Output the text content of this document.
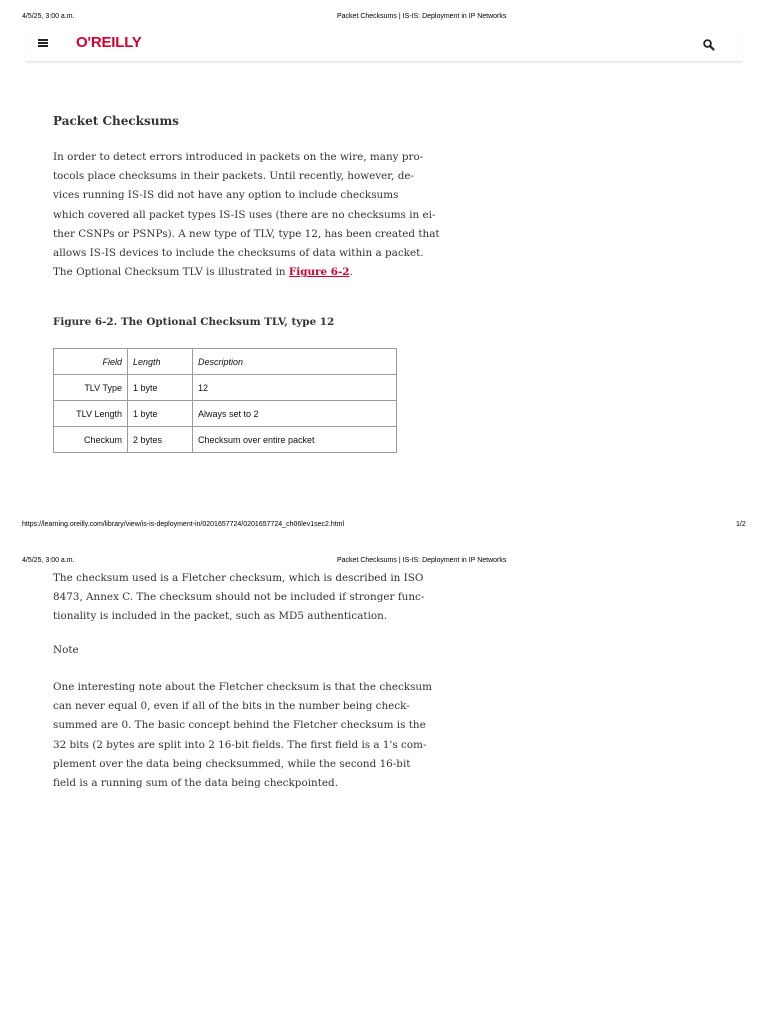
4/5/25, 3:00 a.m.	Packet Checksums | IS-IS: Deployment in IP Networks
O'REILLY
Packet Checksums
In order to detect errors introduced in packets on the wire, many pro-
tocols place checksums in their packets. Until recently, however, de-
vices running IS-IS did not have any option to include checksums
which covered all packet types IS-IS uses (there are no checksums in ei-
ther CSNPs or PSNPs). A new type of TLV, type 12, has been created that
allows IS-IS devices to include the checksums of data within a packet.
The Optional Checksum TLV is illustrated in Figure 6-2.
Figure 6-2. The Optional Checksum TLV, type 12
Field	Length	Description
TLV Type	1 byte	12
TLV Length	1 byte	Always set to 2
Checkum	2 bytes	Checksum over entire packet
https://learning.oreilly.com/library/view/is-is-deployment-in/0201657724/0201657724_ch06lev1sec2.html	1/2
4/5/25, 3:00 a.m.	Packet Checksums | IS-IS: Deployment in IP Networks
The checksum used is a Fletcher checksum, which is described in ISO
8473, Annex C. The checksum should not be included if stronger func-
tionality is included in the packet, such as MD5 authentication.
Note
One interesting note about the Fletcher checksum is that the checksum
can never equal 0, even if all of the bits in the number being check-
summed are 0. The basic concept behind the Fletcher checksum is the
32 bits (2 bytes are split into 2 16-bit fields. The first field is a 1's com-
plement over the data being checksummed, while the second 16-bit
field is a running sum of the data being checkpointed.
